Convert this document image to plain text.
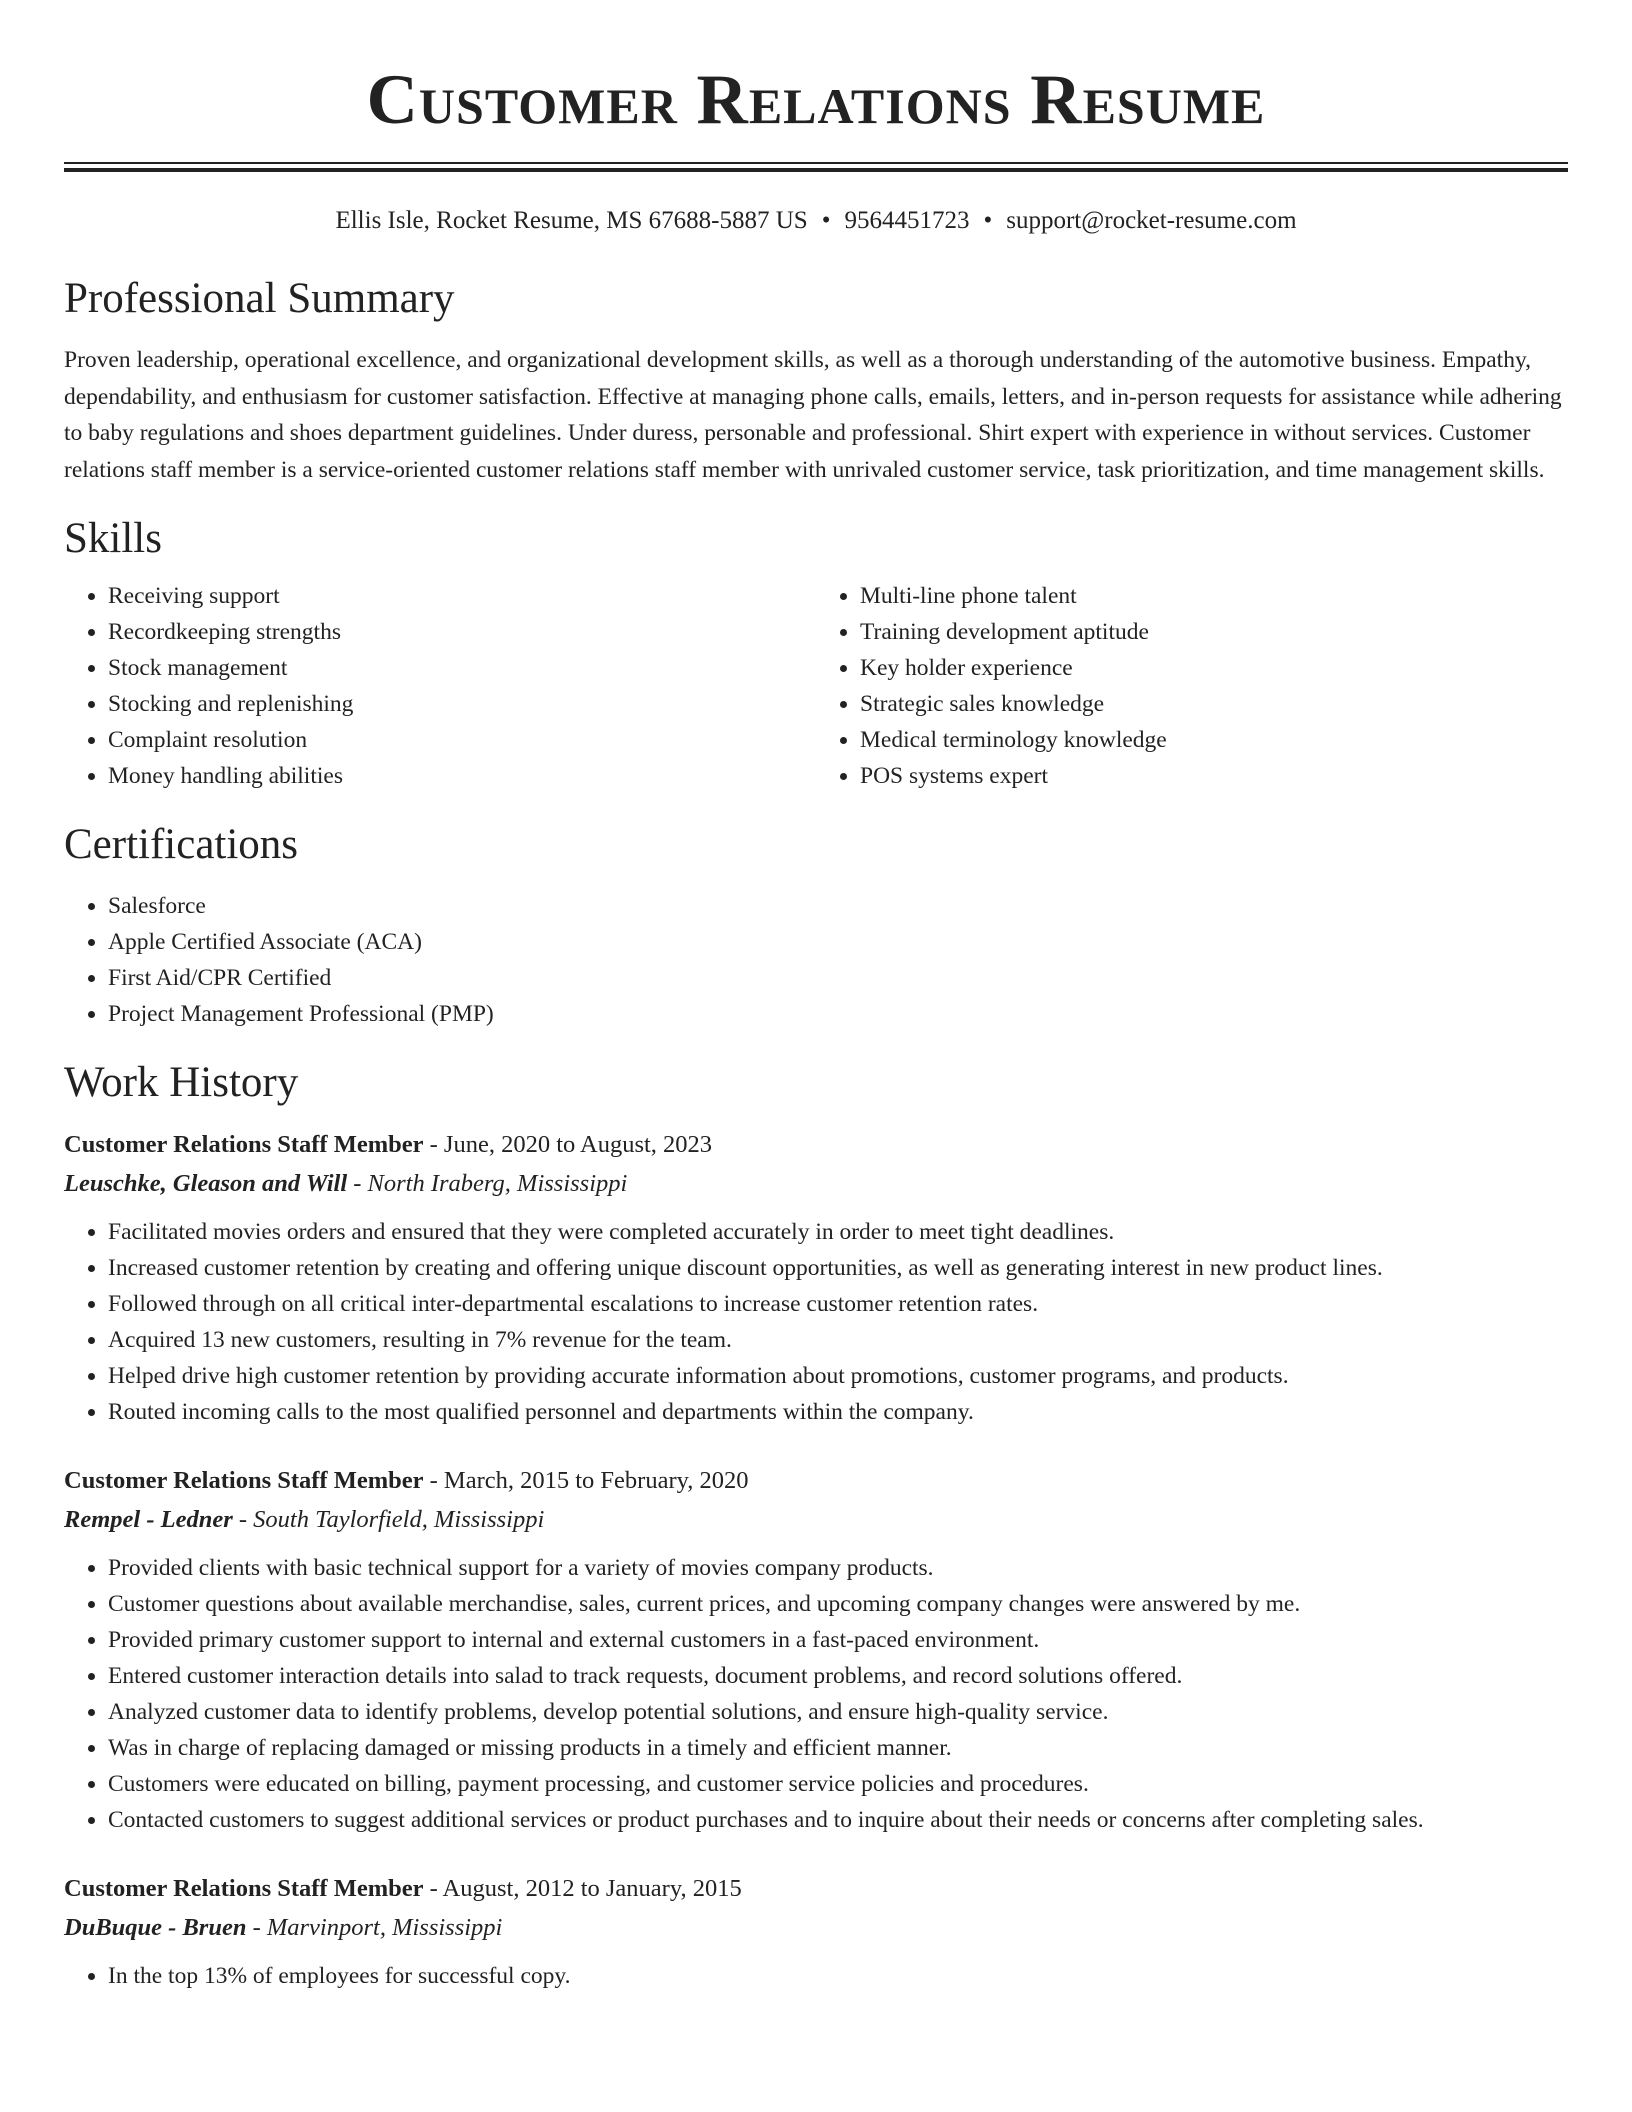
Customer Relations Resume
Ellis Isle, Rocket Resume, MS 67688-5887 US • 9564451723 • support@rocket-resume.com
Professional Summary

Proven leadership, operational excellence, and organizational development skills, as well as a thorough understanding of the automotive business. Empathy, dependability, and enthusiasm for customer satisfaction. Effective at managing phone calls, emails, letters, and in-person requests for assistance while adhering to baby regulations and shoes department guidelines. Under duress, personable and professional. Shirt expert with experience in without services. Customer relations staff member is a service-oriented customer relations staff member with unrivaled customer service, task prioritization, and time management skills.

Skills
• Receiving support
• Recordkeeping strengths
• Stock management
• Stocking and replenishing
• Complaint resolution
• Money handling abilities
• Multi-line phone talent
• Training development aptitude
• Key holder experience
• Strategic sales knowledge
• Medical terminology knowledge
• POS systems expert
Certifications
• Salesforce
• Apple Certified Associate (ACA)
• First Aid/CPR Certified
• Project Management Professional (PMP)
Work History
Customer Relations Staff Member - June, 2020 to August, 2023
Leuschke, Gleason and Will - North Iraberg, Mississippi
• Facilitated movies orders and ensured that they were completed accurately in order to meet tight deadlines.
• Increased customer retention by creating and offering unique discount opportunities, as well as generating interest in new product lines.
• Followed through on all critical inter-departmental escalations to increase customer retention rates.
• Acquired 13 new customers, resulting in 7% revenue for the team.
• Helped drive high customer retention by providing accurate information about promotions, customer programs, and products.
• Routed incoming calls to the most qualified personnel and departments within the company.
Customer Relations Staff Member - March, 2015 to February, 2020
Rempel - Ledner - South Taylorfield, Mississippi
• Provided clients with basic technical support for a variety of movies company products.
• Customer questions about available merchandise, sales, current prices, and upcoming company changes were answered by me.
• Provided primary customer support to internal and external customers in a fast-paced environment.
• Entered customer interaction details into salad to track requests, document problems, and record solutions offered.
• Analyzed customer data to identify problems, develop potential solutions, and ensure high-quality service.
• Was in charge of replacing damaged or missing products in a timely and efficient manner.
• Customers were educated on billing, payment processing, and customer service policies and procedures.
• Contacted customers to suggest additional services or product purchases and to inquire about their needs or concerns after completing sales.
Customer Relations Staff Member - August, 2012 to January, 2015
DuBuque - Bruen - Marvinport, Mississippi
• In the top 13% of employees for successful copy.
